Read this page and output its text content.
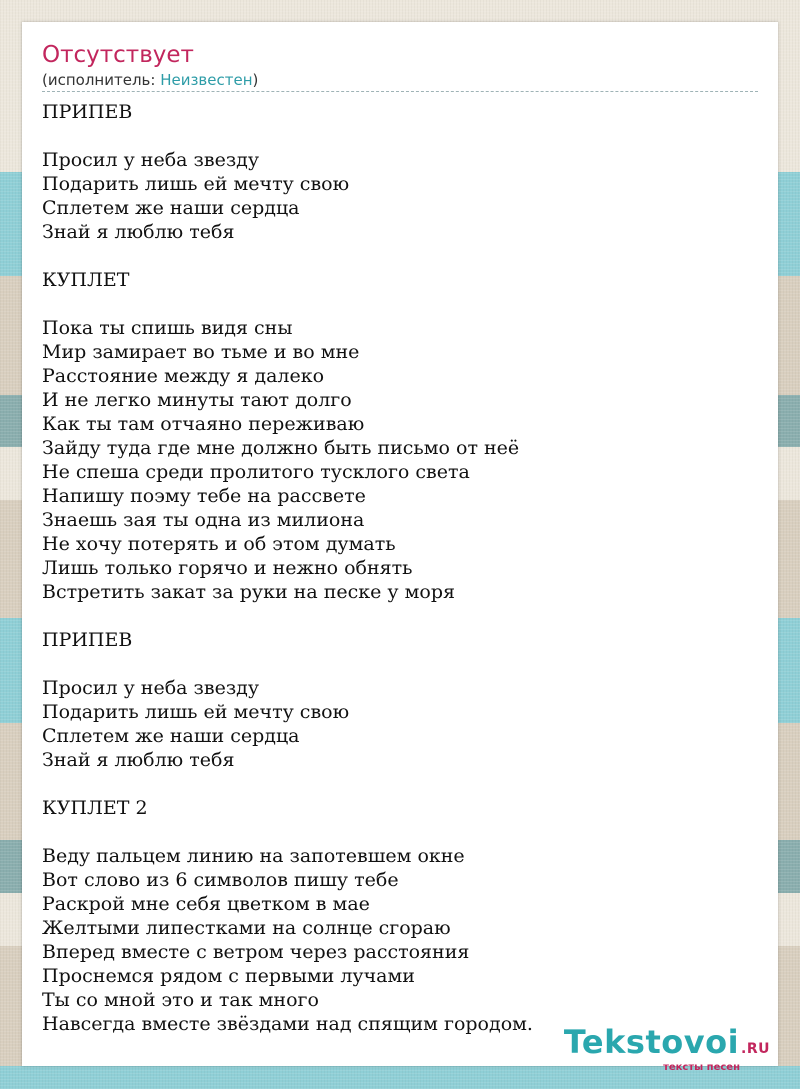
Отсутствует
(исполнитель: Неизвестен)
ПРИПЕВ
Просил у неба звезду
Подарить лишь ей мечту свою
Сплетем же наши сердца
Знай я люблю тебя
КУПЛЕТ
Пока ты спишь видя сны
Мир замирает во тьме и во мне
Расстояние между я далеко
И не легко минуты тают долго
Как ты там отчаяно переживаю
Зайду туда где мне должно быть письмо от неё
Не спеша среди пролитого тусклого света
Напишу поэму тебе на рассвете
Знаешь зая ты одна из милиона
Не хочу потерять и об этом думать
Лишь только горячо и нежно обнять
Встретить закат за руки на песке у моря
ПРИПЕВ
Просил у неба звезду
Подарить лишь ей мечту свою
Сплетем же наши сердца
Знай я люблю тебя
КУПЛЕТ 2
Веду пальцем линию на запотевшем окне
Вот слово из 6 символов пишу тебе
Раскрой мне себя цветком в мае
Желтыми липестками на солнце сгораю
Вперед вместе с ветром через расстояния
Проснемся рядом с первыми лучами
Ты со мной это и так много
Навсегда вместе звёздами над спящим городом. Tekstovoi .RU
тексты песен
